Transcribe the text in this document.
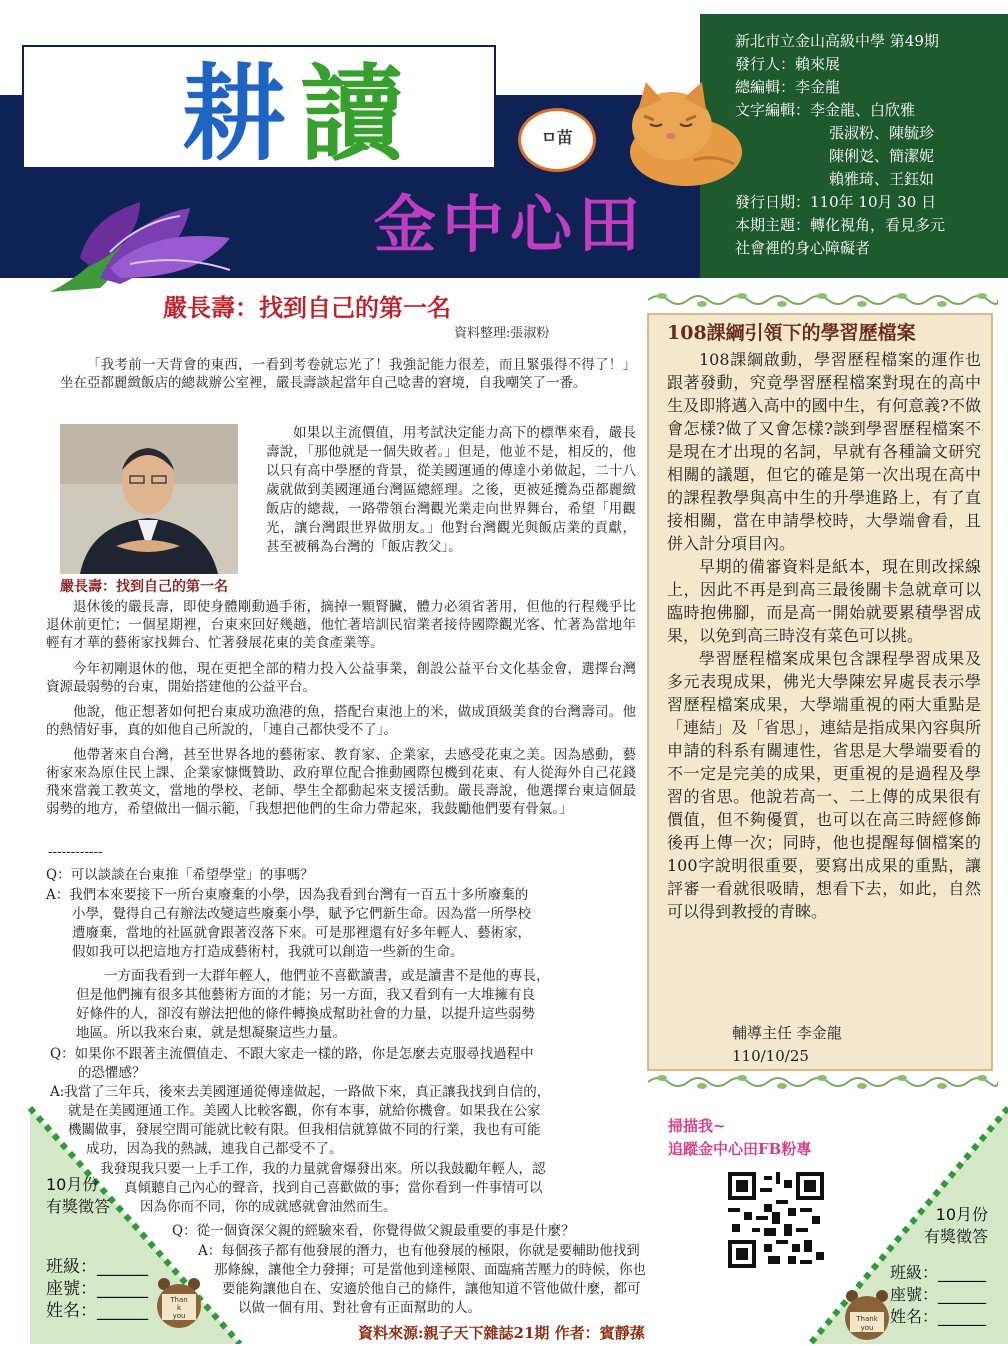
耕 讀
金中心田
ㅁ苗
新北市立金山高級中學 第49期
發行人：賴來展
總編輯：李金龍
文字編輯：李金龍、白欣雅
張淑粉、陳毓珍
陳俐彣、簡潔妮
賴雅琦、王鈺如
發行日期：110年 10月 30 日
本期主題：轉化視角，看見多元
社會裡的身心障礙者
嚴長壽：找到自己的第一名
資料整理:張淑粉
「我考前一天背會的東西，一看到考卷就忘光了！我強記能力很差，而且緊張得不得了！」坐在亞都麗緻飯店的總裁辦公室裡，嚴長壽談起當年自己唸書的窘境，自我嘲笑了一番。
嚴長壽：找到自己的第一名
如果以主流價值，用考試決定能力高下的標準來看，嚴長壽說，「那他就是一個失敗者。」但是，他並不是，相反的，他以只有高中學歷的背景，從美國運通的傳達小弟做起，二十八歲就做到美國運通台灣區總經理。之後，更被延攬為亞都麗緻飯店的總裁，一路帶領台灣觀光業走向世界舞台，希望「用觀光，讓台灣跟世界做朋友。」他對台灣觀光與飯店業的貢獻，甚至被稱為台灣的「飯店教父」。
退休後的嚴長壽，即使身體剛動過手術，摘掉一顆腎臟，體力必須省著用，但他的行程幾乎比退休前更忙；一個星期裡，台東來回好幾趟，他忙著培訓民宿業者接待國際觀光客、忙著為當地年輕有才華的藝術家找舞台、忙著發展花東的美食產業等。
今年初剛退休的他，現在更把全部的精力投入公益事業，創設公益平台文化基金會，選擇台灣資源最弱勢的台東，開始搭建他的公益平台。
他說，他正想著如何把台東成功漁港的魚，搭配台東池上的米，做成頂級美食的台灣壽司。他的熱情好事，真的如他自己所說的，「連自己都快受不了」。
他帶著來自台灣，甚至世界各地的藝術家、教育家、企業家，去感受花東之美。因為感動，藝術家來為原住民上課、企業家慷慨贊助、政府單位配合推動國際包機到花東、有人從海外自己花錢飛來當義工教英文，當地的學校、老師、學生全都動起來支援活動。嚴長壽說，他選擇台東這個最弱勢的地方，希望做出一個示範，「我想把他們的生命力帶起來，我鼓勵他們要有骨氣。」
------------
Q：可以談談在台東推「希望學堂」的事嗎？
A：我們本來要接下一所台東廢棄的小學，因為我看到台灣有一百五十多所廢棄的
小學，覺得自己有辦法改變這些廢棄小學，賦予它們新生命。因為當一所學校
遭廢棄，當地的社區就會跟著沒落下來。可是那裡還有好多年輕人、藝術家，
假如我可以把這地方打造成藝術村，我就可以創造一些新的生命。
一方面我看到一大群年輕人，他們並不喜歡讀書，或是讀書不是他的專長，
但是他們擁有很多其他藝術方面的才能；另一方面，我又看到有一大堆擁有良
好條件的人，卻沒有辦法把他的條件轉換成幫助社會的力量，以提升這些弱勢
地區。所以我來台東，就是想凝聚這些力量。
Q：如果你不跟著主流價值走、不跟大家走一樣的路，你是怎麼去克服尋找過程中
的恐懼感？
A:我當了三年兵，後來去美國運通從傳達做起，一路做下來，真正讓我找到自信的，
就是在美國運通工作。美國人比較客觀，你有本事，就給你機會。如果我在公家
機關做事，發展空間可能就比較有限。但我相信就算做不同的行業，我也有可能
成功，因為我的熱誠，連我自己都受不了。
我發現我只要一上手工作，我的力量就會爆發出來。所以我鼓勵年輕人，認
真傾聽自己內心的聲音，找到自己喜歡做的事；當你看到一件事情可以
因為你而不同，你的成就感就會油然而生。
Q：從一個資深父親的經驗來看，你覺得做父親最重要的事是什麼？
A：每個孩子都有他發展的潛力，也有他發展的極限，你就是要輔助他找到
那條線，讓他全力發揮；可是當他到達極限、面臨痛苦壓力的時候，你也
要能夠讓他自在、安適於他自己的條件，讓他知道不管他做什麼，都可
以做一個有用、對社會有正面幫助的人。
資料來源:親子天下雜誌21期 作者：賓靜蓀
108課綱引領下的學習歷檔案

108課綱啟動，學習歷程檔案的運作也跟著發動，究竟學習歷程檔案對現在的高中生及即將邁入高中的國中生，有何意義?不做會怎樣?做了又會怎樣?談到學習歷程檔案不是現在才出現的名詞，早就有各種論文研究相關的議題，但它的確是第一次出現在高中的課程教學與高中生的升學進路上，有了直接相關，當在申請學校時，大學端會看，且併入計分項目內。

早期的備審資料是紙本，現在則改採線上，因此不再是到高三最後關卡急就章可以臨時抱佛腳，而是高一開始就要累積學習成果，以免到高三時沒有菜色可以挑。

學習歷程檔案成果包含課程學習成果及多元表現成果，佛光大學陳宏昇處長表示學習歷程檔案成果，大學端重視的兩大重點是「連結」及「省思」，連結是指成果內容與所申請的科系有關連性，省思是大學端要看的不一定是完美的成果，更重視的是過程及學習的省思。他說若高一、二上傳的成果很有價值，但不夠優質，也可以在高三時經修飾後再上傳一次；同時，他也提醒每個檔案的100字說明很重要，要寫出成果的重點，讓評審一看就很吸睛，想看下去，如此，自然可以得到教授的青睞。

輔導主任 李金龍
110/10/25
掃描我~
追蹤金中心田FB粉專
10月份
有獎徵答
班級：______
座號：______
姓名：______
Than
k
you
10月份
有獎徵答
班級：______
座號：______
姓名：______
Thank
you
